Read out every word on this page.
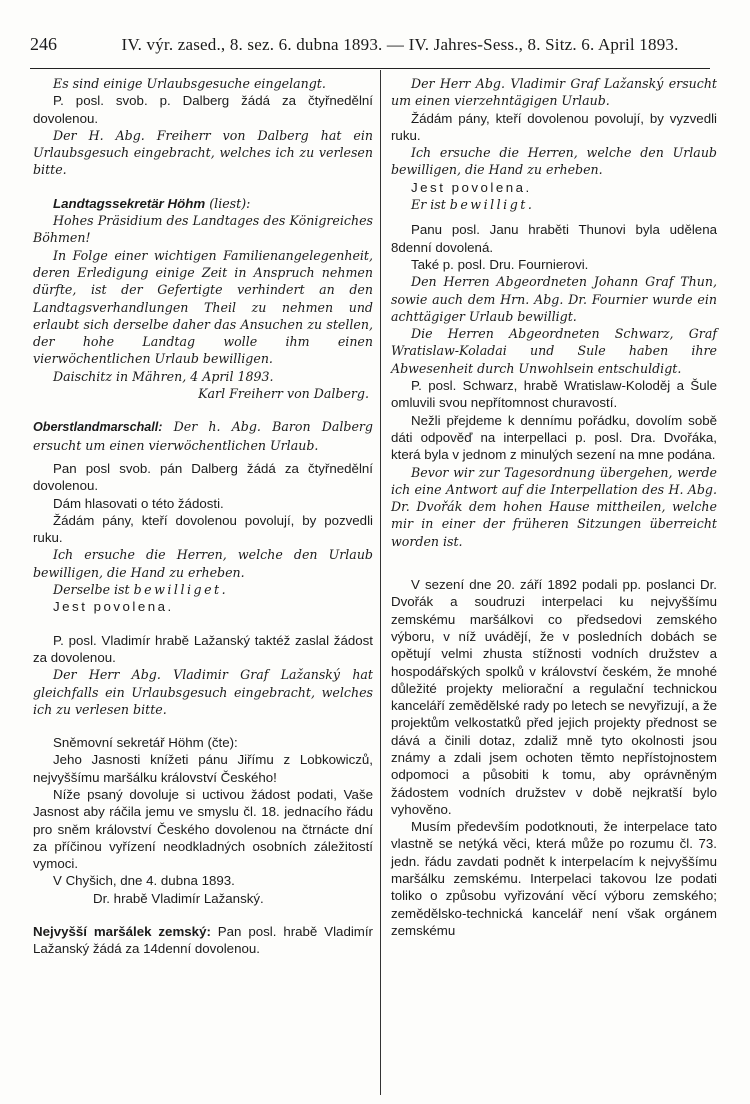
246	IV. výr. zased., 8. sez. 6. dubna 1893. — IV. Jahres-Sess., 8. Sitz. 6. April 1893.

Es sind einige Urlaubsgesuche eingelangt.

P. posl. svob. p. Dalberg žádá za čtyřnedělní dovolenou.

Der H. Abg. Freiherr von Dalberg hat ein Urlaubsgesuch eingebracht, welches ich zu verlesen bitte.

Landtagssekretär Höhm (liest):

Hohes Präsidium des Landtages des Königreiches Böhmen!

In Folge einer wichtigen Familienangelegenheit, deren Erledigung einige Zeit in Anspruch nehmen dürfte, ist der Gefertigte verhindert an den Landtagsverhandlungen Theil zu nehmen und erlaubt sich derselbe daher das Ansuchen zu stellen, der hohe Landtag wolle ihm einen vierwöchentlichen Urlaub bewilligen.

Daischitz in Mähren, 4 April 1893.

Karl Freiherr von Dalberg.

Oberstlandmarschall: Der h. Abg. Baron Dalberg ersucht um einen vierwöchentlichen Urlaub.

Pan posl svob. pán Dalberg žádá za čtyřnedělní dovolenou.

Dám hlasovati o této žádosti.

Žádám pány, kteří dovolenou povolují, by pozvedli ruku.

Ich ersuche die Herren, welche den Urlaub bewilligen, die Hand zu erheben.

Derselbe ist bewilliget.

Jest povolena.

P. posl. Vladimír hrabě Lažanský taktéž zaslal žádost za dovolenou.

Der Herr Abg. Vladimir Graf Lažanský hat gleichfalls ein Urlaubsgesuch eingebracht, welches ich zu verlesen bitte.

Sněmovní sekretář Höhm (čte):

Jeho Jasnosti knížeti pánu Jiřímu z Lobkowiczů, nejvyššímu maršálku království Českého!

Níže psaný dovoluje si uctivou žádost podati, Vaše Jasnost aby ráčila jemu ve smyslu čl. 18. jednacího řádu pro sněm království Českého dovolenou na čtrnácte dní za příčinou vyřízení neodkladných osobních záležitostí vymoci.

V Chyšich, dne 4. dubna 1893.

Dr. hrabě Vladimír Lažanský.

Nejvyšší maršálek zemský: Pan posl. hrabě Vladimír Lažanský žádá za 14denní dovolenou.

Der Herr Abg. Vladimir Graf Lažanský ersucht um einen vierzehntägigen Urlaub.

Žádám pány, kteří dovolenou povolují, by vyzvedli ruku.

Ich ersuche die Herren, welche den Urlaub bewilligen, die Hand zu erheben.

Jest povolena.

Er ist bewilligt.

Panu posl. Janu hraběti Thunovi byla udělena 8denní dovolená.

Také p. posl. Dru. Fournierovi.

Den Herren Abgeordneten Johann Graf Thun, sowie auch dem Hrn. Abg. Dr. Fournier wurde ein achttägiger Urlaub bewilligt.

Die Herren Abgeordneten Schwarz, Graf Wratislaw-Koladai und Sule haben ihre Abwesenheit durch Unwohlsein entschuldigt.

P. posl. Schwarz, hrabě Wratislaw-Koloděj a Šule omluvili svou nepřítomnost churavostí.

Nežli přejdeme k dennímu pořádku, dovolím sobě dáti odpověď na interpellaci p. posl. Dra. Dvořáka, která byla v jednom z minulých sezení na mne podána.

Bevor wir zur Tagesordnung übergehen, werde ich eine Antwort auf die Interpellation des H. Abg. Dr. Dvořák dem hohen Hause mittheilen, welche mir in einer der früheren Sitzungen überreicht worden ist.

V sezení dne 20. září 1892 podali pp. poslanci Dr. Dvořák a soudruzi interpelaci ku nejvyššímu zemskému maršálkovi co předsedovi zemského výboru, v níž uvádějí, že v posledních dobách se opětují velmi zhusta stížnosti vodních družstev a hospodářských spolků v království českém, že mnohé důležité projekty meliorační a regulační technickou kanceláří zemědělské rady po letech se nevyřizují, a že projektům velkostatků před jejich projekty přednost se dává a činili dotaz, zdaliž mně tyto okolnosti jsou známy a zdali jsem ochoten těmto nepřístojnostem odpomoci a působiti k tomu, aby oprávněným žádostem vodních družstev v době nejkratší bylo vyhověno.

Musím především podotknouti, že interpelace tato vlastně se netýká věci, která může po rozumu čl. 73. jedn. řádu zavdati podnět k interpelacím k nejvyššímu maršálku zemskému. Interpelaci takovou lze podati toliko o způsobu vyřizování věcí výboru zemského; zemědělsko-technická kancelář není však orgánem zemskému
